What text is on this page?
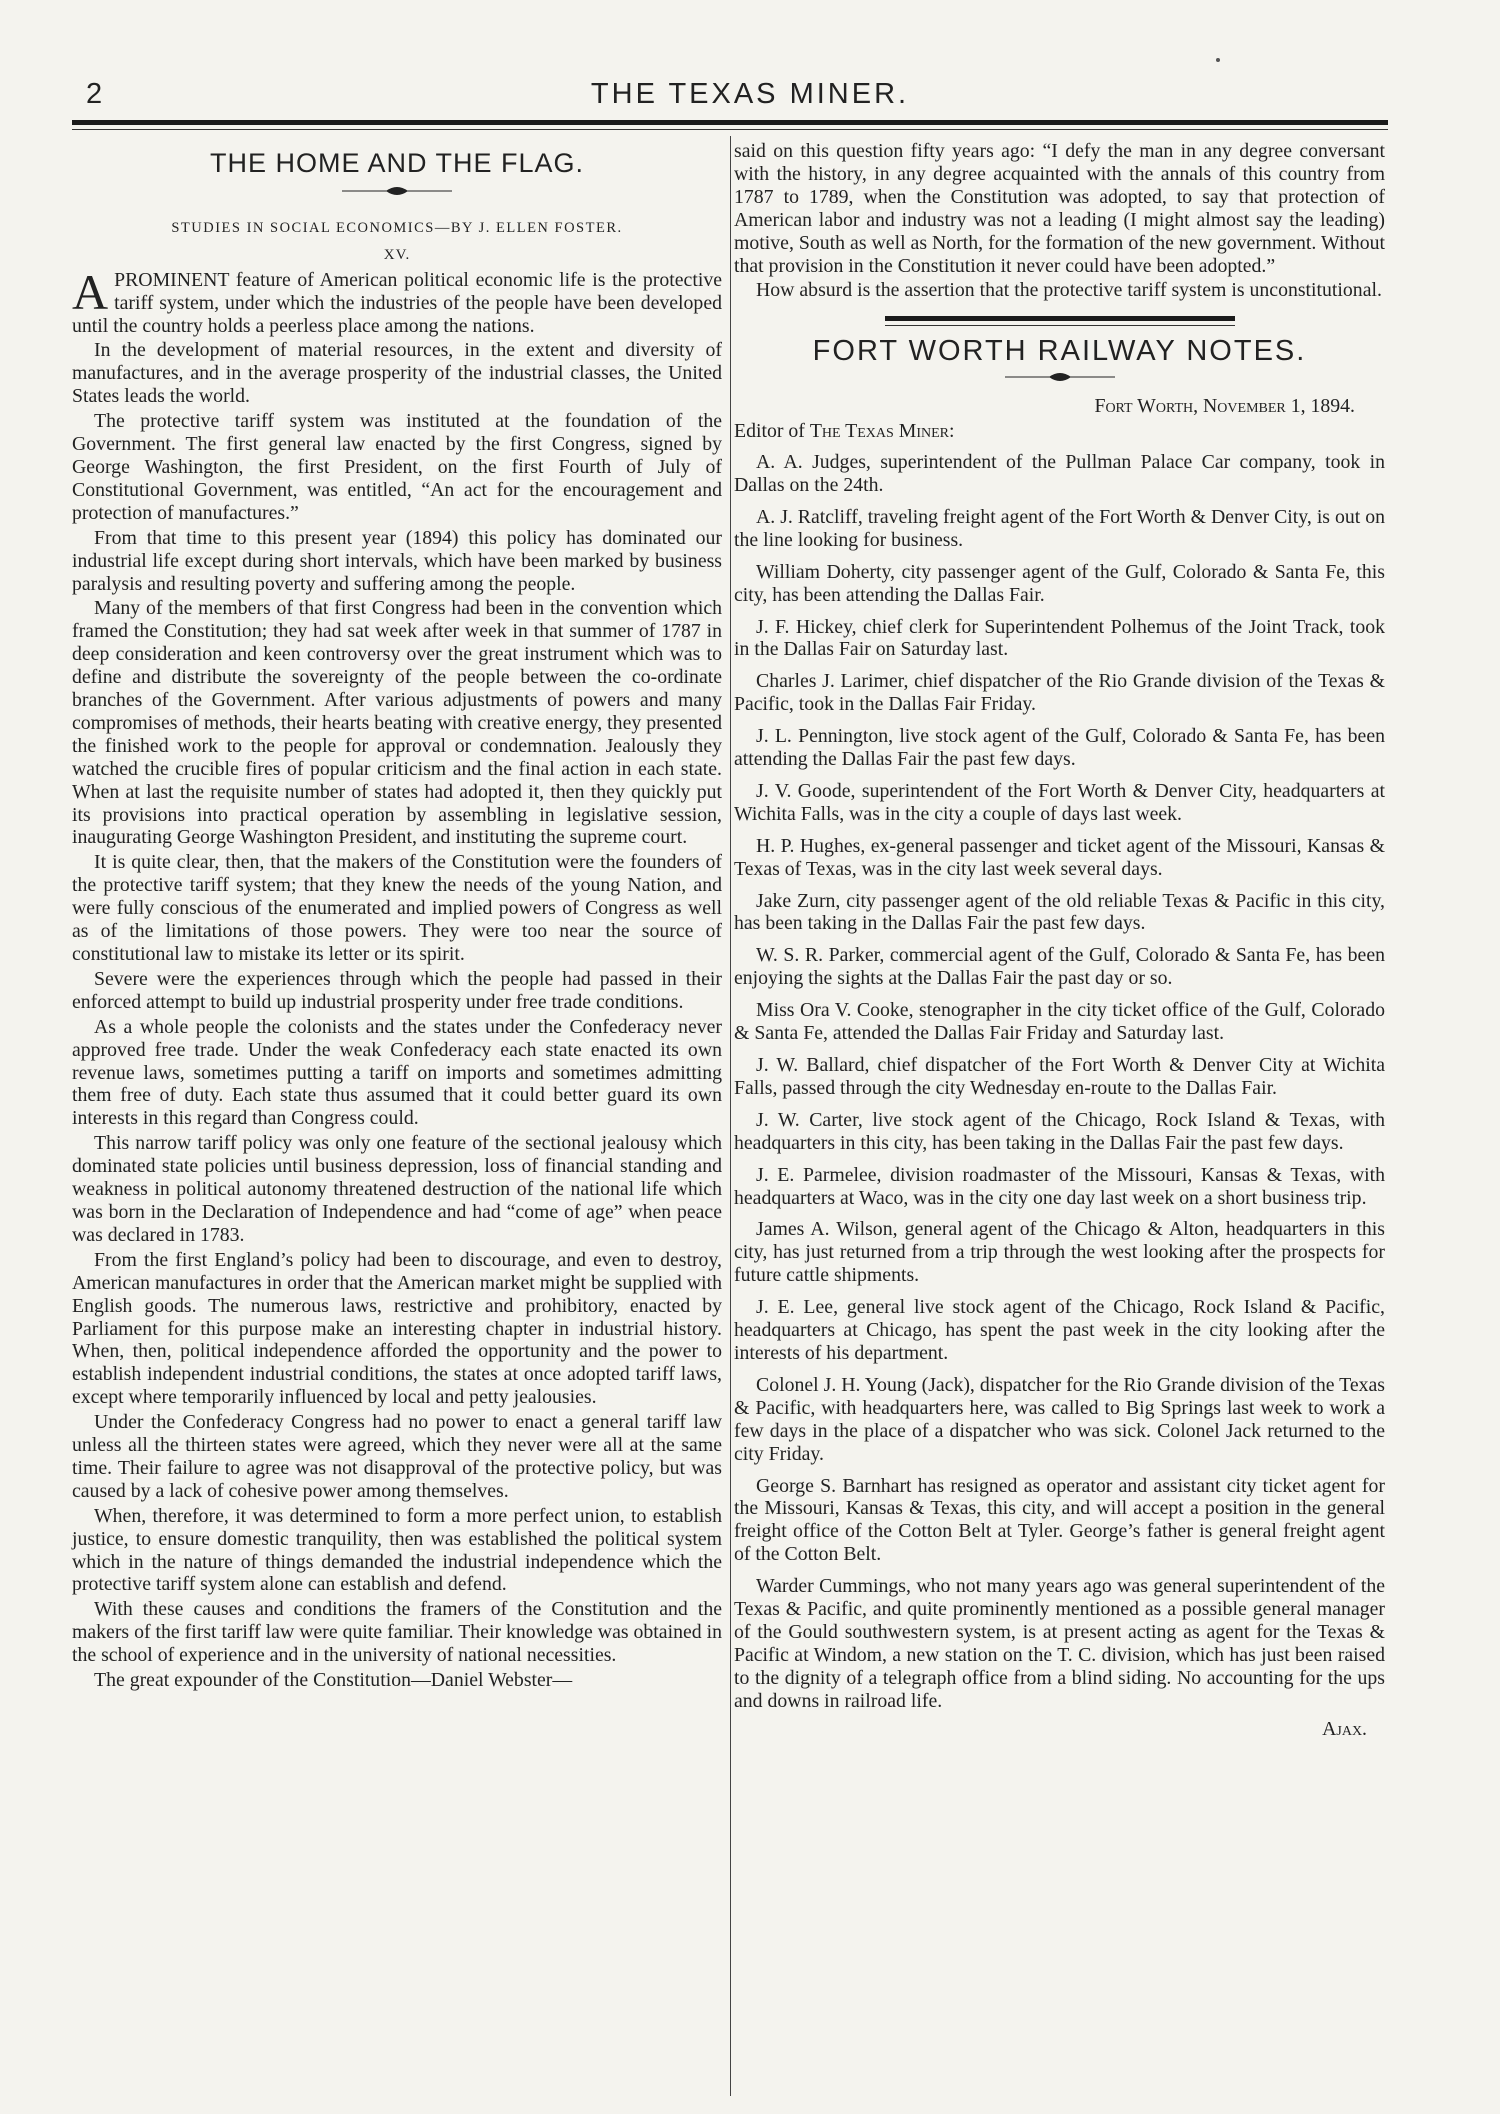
2	THE TEXAS MINER.
THE HOME AND THE FLAG.
STUDIES IN SOCIAL ECONOMICS—BY J. ELLEN FOSTER.
XV.

APROMINENT feature of American political economic life is the protective tariff system, under which the industries of the people have been developed until the country holds a peerless place among the nations.

In the development of material resources, in the extent and diversity of manufactures, and in the average prosperity of the industrial classes, the United States leads the world.

The protective tariff system was instituted at the foundation of the Government. The first general law enacted by the first Congress, signed by George Washington, the first President, on the first Fourth of July of Constitutional Government, was entitled, “An act for the encouragement and protection of manufactures.”

From that time to this present year (1894) this policy has dominated our industrial life except during short intervals, which have been marked by business paralysis and resulting poverty and suffering among the people.

Many of the members of that first Congress had been in the convention which framed the Constitution; they had sat week after week in that summer of 1787 in deep consideration and keen controversy over the great instrument which was to define and distribute the sovereignty of the people between the co-ordinate branches of the Government. After various adjustments of powers and many compromises of methods, their hearts beating with creative energy, they presented the finished work to the people for approval or condemnation. Jealously they watched the crucible fires of popular criticism and the final action in each state. When at last the requisite number of states had adopted it, then they quickly put its provisions into practical operation by assembling in legislative session, inaugurating George Washington President, and instituting the supreme court.

It is quite clear, then, that the makers of the Constitution were the founders of the protective tariff system; that they knew the needs of the young Nation, and were fully conscious of the enumerated and implied powers of Congress as well as of the limitations of those powers. They were too near the source of constitutional law to mistake its letter or its spirit.

Severe were the experiences through which the people had passed in their enforced attempt to build up industrial prosperity under free trade conditions.

As a whole people the colonists and the states under the Confederacy never approved free trade. Under the weak Confederacy each state enacted its own revenue laws, sometimes putting a tariff on imports and sometimes admitting them free of duty. Each state thus assumed that it could better guard its own interests in this regard than Congress could.

This narrow tariff policy was only one feature of the sectional jealousy which dominated state policies until business depression, loss of financial standing and weakness in political autonomy threatened destruction of the national life which was born in the Declaration of Independence and had “come of age” when peace was declared in 1783.

From the first England’s policy had been to discourage, and even to destroy, American manufactures in order that the American market might be supplied with English goods. The numerous laws, restrictive and prohibitory, enacted by Parliament for this purpose make an interesting chapter in industrial history. When, then, political independence afforded the opportunity and the power to establish independent industrial conditions, the states at once adopted tariff laws, except where temporarily influenced by local and petty jealousies.

Under the Confederacy Congress had no power to enact a general tariff law unless all the thirteen states were agreed, which they never were all at the same time. Their failure to agree was not disapproval of the protective policy, but was caused by a lack of cohesive power among themselves.

When, therefore, it was determined to form a more perfect union, to establish justice, to ensure domestic tranquility, then was established the political system which in the nature of things demanded the industrial independence which the protective tariff system alone can establish and defend.

With these causes and conditions the framers of the Constitution and the makers of the first tariff law were quite familiar. Their knowledge was obtained in the school of experience and in the university of national necessities.

The great expounder of the Constitution—Daniel Webster—

said on this question fifty years ago: “I defy the man in any degree conversant with the history, in any degree acquainted with the annals of this country from 1787 to 1789, when the Constitution was adopted, to say that protection of American labor and industry was not a leading (I might almost say the leading) motive, South as well as North, for the formation of the new government. Without that provision in the Constitution it never could have been adopted.”

How absurd is the assertion that the protective tariff system is unconstitutional.

FORT WORTH RAILWAY NOTES.

Fort Worth, November 1, 1894.

Editor of The Texas Miner:

A. A. Judges, superintendent of the Pullman Palace Car company, took in Dallas on the 24th.

A. J. Ratcliff, traveling freight agent of the Fort Worth & Denver City, is out on the line looking for business.

William Doherty, city passenger agent of the Gulf, Colorado & Santa Fe, this city, has been attending the Dallas Fair.

J. F. Hickey, chief clerk for Superintendent Polhemus of the Joint Track, took in the Dallas Fair on Saturday last.

Charles J. Larimer, chief dispatcher of the Rio Grande division of the Texas & Pacific, took in the Dallas Fair Friday.

J. L. Pennington, live stock agent of the Gulf, Colorado & Santa Fe, has been attending the Dallas Fair the past few days.

J. V. Goode, superintendent of the Fort Worth & Denver City, headquarters at Wichita Falls, was in the city a couple of days last week.

H. P. Hughes, ex-general passenger and ticket agent of the Missouri, Kansas & Texas of Texas, was in the city last week several days.

Jake Zurn, city passenger agent of the old reliable Texas & Pacific in this city, has been taking in the Dallas Fair the past few days.

W. S. R. Parker, commercial agent of the Gulf, Colorado & Santa Fe, has been enjoying the sights at the Dallas Fair the past day or so.

Miss Ora V. Cooke, stenographer in the city ticket office of the Gulf, Colorado & Santa Fe, attended the Dallas Fair Friday and Saturday last.

J. W. Ballard, chief dispatcher of the Fort Worth & Denver City at Wichita Falls, passed through the city Wednesday en-route to the Dallas Fair.

J. W. Carter, live stock agent of the Chicago, Rock Island & Texas, with headquarters in this city, has been taking in the Dallas Fair the past few days.

J. E. Parmelee, division roadmaster of the Missouri, Kansas & Texas, with headquarters at Waco, was in the city one day last week on a short business trip.

James A. Wilson, general agent of the Chicago & Alton, headquarters in this city, has just returned from a trip through the west looking after the prospects for future cattle shipments.

J. E. Lee, general live stock agent of the Chicago, Rock Island & Pacific, headquarters at Chicago, has spent the past week in the city looking after the interests of his department.

Colonel J. H. Young (Jack), dispatcher for the Rio Grande division of the Texas & Pacific, with headquarters here, was called to Big Springs last week to work a few days in the place of a dispatcher who was sick. Colonel Jack returned to the city Friday.

George S. Barnhart has resigned as operator and assistant city ticket agent for the Missouri, Kansas & Texas, this city, and will accept a position in the general freight office of the Cotton Belt at Tyler. George’s father is general freight agent of the Cotton Belt.

Warder Cummings, who not many years ago was general superintendent of the Texas & Pacific, and quite prominently mentioned as a possible general manager of the Gould southwestern system, is at present acting as agent for the Texas & Pacific at Windom, a new station on the T. C. division, which has just been raised to the dignity of a telegraph office from a blind siding. No accounting for the ups and downs in railroad life.

Ajax.
